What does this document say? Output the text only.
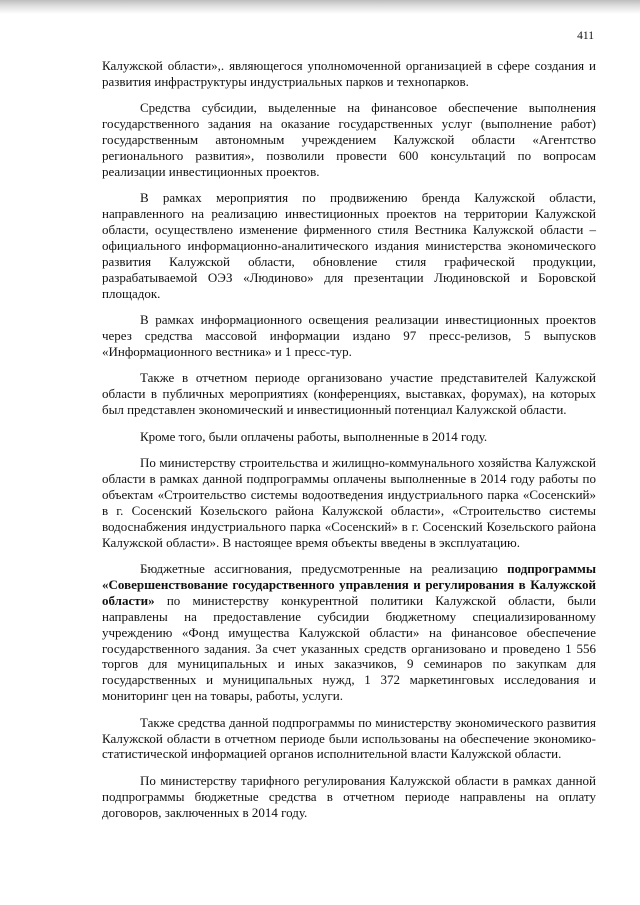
411

Калужской области»,. являющегося уполномоченной организацией в сфере создания и развития инфраструктуры индустриальных парков и технопарков.

Средства субсидии, выделенные на финансовое обеспечение выполнения государственного задания на оказание государственных услуг (выполнение работ) государственным автономным учреждением Калужской области «Агентство регионального развития», позволили провести 600 консультаций по вопросам реализации инвестиционных проектов.

В рамках мероприятия по продвижению бренда Калужской области, направленного на реализацию инвестиционных проектов на территории Калужской области, осуществлено изменение фирменного стиля Вестника Калужской области – официального информационно-аналитического издания министерства экономического развития Калужской области, обновление стиля графической продукции, разрабатываемой ОЭЗ «Людиново» для презентации Людиновской и Боровской площадок.

В рамках информационного освещения реализации инвестиционных проектов через средства массовой информации издано 97 пресс-релизов, 5 выпусков «Информационного вестника» и 1 пресс-тур.

Также в отчетном периоде организовано участие представителей Калужской области в публичных мероприятиях (конференциях, выставках, форумах), на которых был представлен экономический и инвестиционный потенциал Калужской области.

Кроме того, были оплачены работы, выполненные в 2014 году.

По министерству строительства и жилищно-коммунального хозяйства Калужской области в рамках данной подпрограммы оплачены выполненные в 2014 году работы по объектам «Строительство системы водоотведения индустриального парка «Сосенский» в г. Сосенский Козельского района Калужской области», «Строительство системы водоснабжения индустриального парка «Сосенский» в г. Сосенский Козельского района Калужской области». В настоящее время объекты введены в эксплуатацию.

Бюджетные ассигнования, предусмотренные на реализацию подпрограммы «Совершенствование государственного управления и регулирования в Калужской области» по министерству конкурентной политики Калужской области, были направлены на предоставление субсидии бюджетному специализированному учреждению «Фонд имущества Калужской области» на финансовое обеспечение государственного задания. За счет указанных средств организовано и проведено 1 556 торгов для муниципальных и иных заказчиков, 9 семинаров по закупкам для государственных и муниципальных нужд, 1 372 маркетинговых исследования и мониторинг цен на товары, работы, услуги.

Также средства данной подпрограммы по министерству экономического развития Калужской области в отчетном периоде были использованы на обеспечение экономико-статистической информацией органов исполнительной власти Калужской области.

По министерству тарифного регулирования Калужской области в рамках данной подпрограммы бюджетные средства в отчетном периоде направлены на оплату договоров, заключенных в 2014 году.
